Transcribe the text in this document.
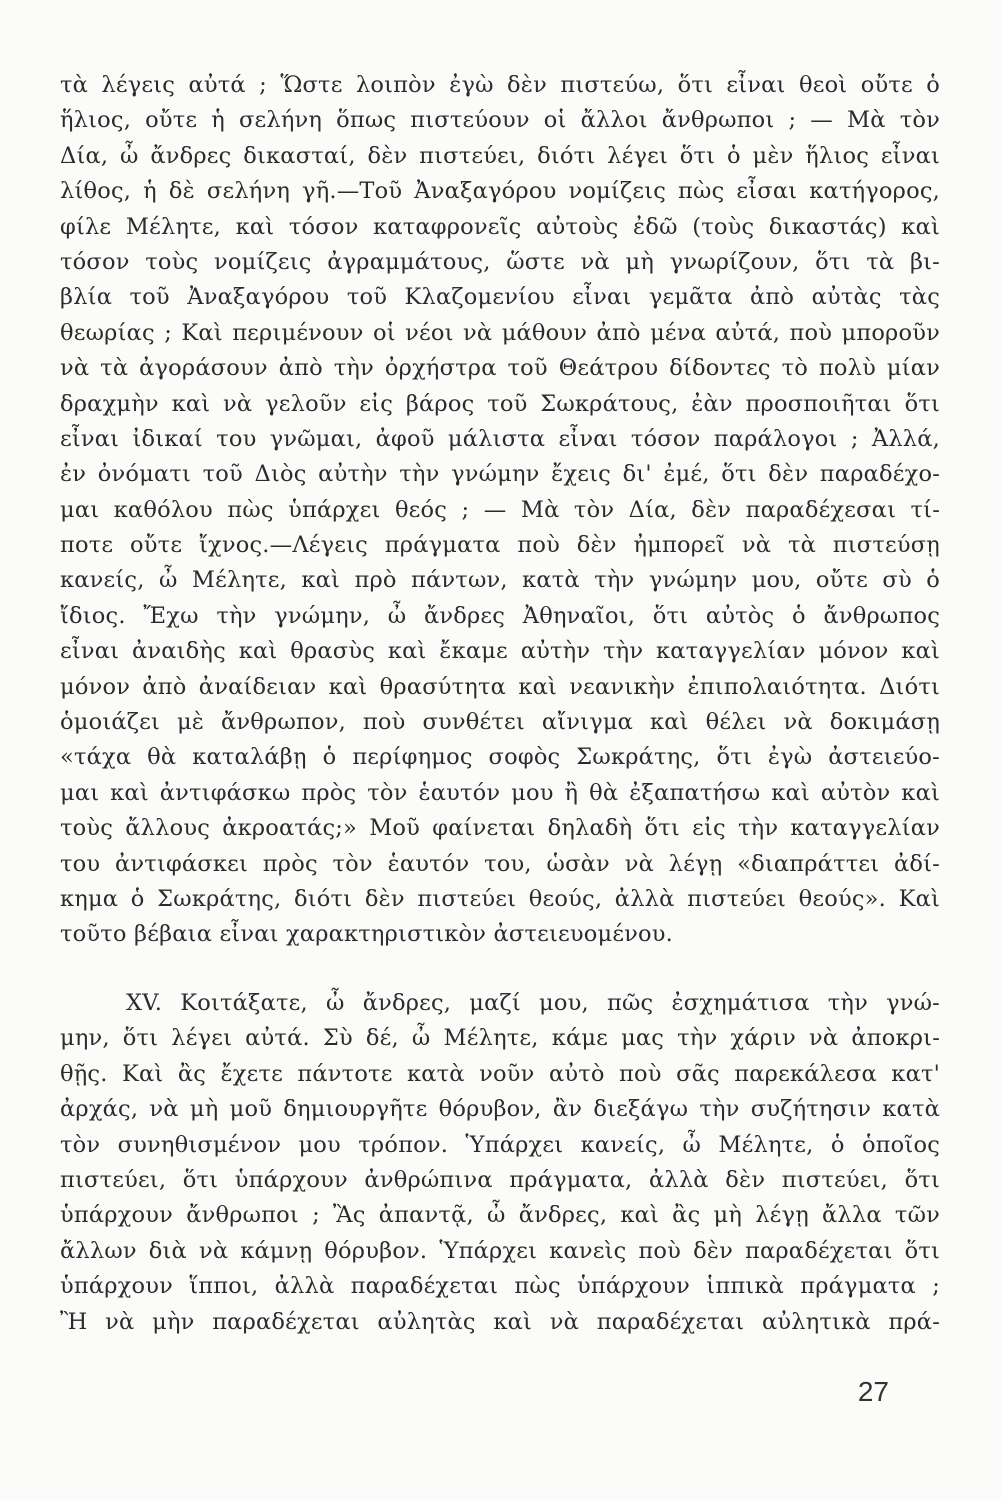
τὰ λέγεις αὐτά ; Ὥστε λοιπὸν ἐγὼ δὲν πιστεύω, ὅτι εἶναι θεοὶ οὔτε ὁ
ἥλιος, οὔτε ἡ σελήνη ὅπως πιστεύουν οἱ ἄλλοι ἄνθρωποι ; — Μὰ τὸν
Δία, ὦ ἄνδρες δικασταί, δὲν πιστεύει, διότι λέγει ὅτι ὁ μὲν ἥλιος εἶναι
λίθος, ἡ δὲ σελήνη γῆ.—Τοῦ Ἀναξαγόρου νομίζεις πὼς εἶσαι κατήγορος,
φίλε Μέλητε, καὶ τόσον καταφρονεῖς αὐτοὺς ἐδῶ (τοὺς δικαστάς) καὶ
τόσον τοὺς νομίζεις ἀγραμμάτους, ὥστε νὰ μὴ γνωρίζουν, ὅτι τὰ βι-
βλία τοῦ Ἀναξαγόρου τοῦ Κλαζομενίου εἶναι γεμᾶτα ἀπὸ αὐτὰς τὰς
θεωρίας ; Καὶ περιμένουν οἱ νέοι νὰ μάθουν ἀπὸ μένα αὐτά, ποὺ μποροῦν
νὰ τὰ ἀγοράσουν ἀπὸ τὴν ὀρχήστρα τοῦ Θεάτρου δίδοντες τὸ πολὺ μίαν
δραχμὴν καὶ νὰ γελοῦν εἰς βάρος τοῦ Σωκράτους, ἐὰν προσποιῆται ὅτι
εἶναι ἰδικαί του γνῶμαι, ἀφοῦ μάλιστα εἶναι τόσον παράλογοι ; Ἀλλά,
ἐν ὀνόματι τοῦ Διὸς αὐτὴν τὴν γνώμην ἔχεις δι' ἐμέ, ὅτι δὲν παραδέχο-
μαι καθόλου πὼς ὑπάρχει θεός ; — Μὰ τὸν Δία, δὲν παραδέχεσαι τί-
ποτε οὔτε ἴχνος.—Λέγεις πράγματα ποὺ δὲν ἠμπορεῖ νὰ τὰ πιστεύσῃ
κανείς, ὦ Μέλητε, καὶ πρὸ πάντων, κατὰ τὴν γνώμην μου, οὔτε σὺ ὁ
ἴδιος. Ἔχω τὴν γνώμην, ὦ ἄνδρες Ἀθηναῖοι, ὅτι αὐτὸς ὁ ἄνθρωπος
εἶναι ἀναιδὴς καὶ θρασὺς καὶ ἔκαμε αὐτὴν τὴν καταγγελίαν μόνον καὶ
μόνον ἀπὸ ἀναίδειαν καὶ θρασύτητα καὶ νεανικὴν ἐπιπολαιότητα. Διότι
ὁμοιάζει μὲ ἄνθρωπον, ποὺ συνθέτει αἴνιγμα καὶ θέλει νὰ δοκιμάσῃ
«τάχα θὰ καταλάβῃ ὁ περίφημος σοφὸς Σωκράτης, ὅτι ἐγὼ ἀστειεύο-
μαι καὶ ἀντιφάσκω πρὸς τὸν ἑαυτόν μου ἢ θὰ ἐξαπατήσω καὶ αὐτὸν καὶ
τοὺς ἄλλους ἀκροατάς;» Μοῦ φαίνεται δηλαδὴ ὅτι εἰς τὴν καταγγελίαν
του ἀντιφάσκει πρὸς τὸν ἑαυτόν του, ὡσὰν νὰ λέγῃ «διαπράττει ἀδί-
κημα ὁ Σωκράτης, διότι δὲν πιστεύει θεούς, ἀλλὰ πιστεύει θεούς». Καὶ
τοῦτο βέβαια εἶναι χαρακτηριστικὸν ἀστειευομένου.
XV. Κοιτάξατε, ὦ ἄνδρες, μαζί μου, πῶς ἐσχημάτισα τὴν γνώ-
μην, ὅτι λέγει αὐτά. Σὺ δέ, ὦ Μέλητε, κάμε μας τὴν χάριν νὰ ἀποκρι-
θῇς. Καὶ ἂς ἔχετε πάντοτε κατὰ νοῦν αὐτὸ ποὺ σᾶς παρεκάλεσα κατ'
ἀρχάς, νὰ μὴ μοῦ δημιουργῆτε θόρυβον, ἂν διεξάγω τὴν συζήτησιν κατὰ
τὸν συνηθισμένον μου τρόπον. Ὑπάρχει κανείς, ὦ Μέλητε, ὁ ὁποῖος
πιστεύει, ὅτι ὑπάρχουν ἀνθρώπινα πράγματα, ἀλλὰ δὲν πιστεύει, ὅτι
ὑπάρχουν ἄνθρωποι ; Ἂς ἀπαντᾷ, ὦ ἄνδρες, καὶ ἂς μὴ λέγῃ ἄλλα τῶν
ἄλλων διὰ νὰ κάμνῃ θόρυβον. Ὑπάρχει κανεὶς ποὺ δὲν παραδέχεται ὅτι
ὑπάρχουν ἵπποι, ἀλλὰ παραδέχεται πὼς ὑπάρχουν ἱππικὰ πράγματα ;
Ἢ νὰ μὴν παραδέχεται αὐλητὰς καὶ νὰ παραδέχεται αὐλητικὰ πρά-
27
